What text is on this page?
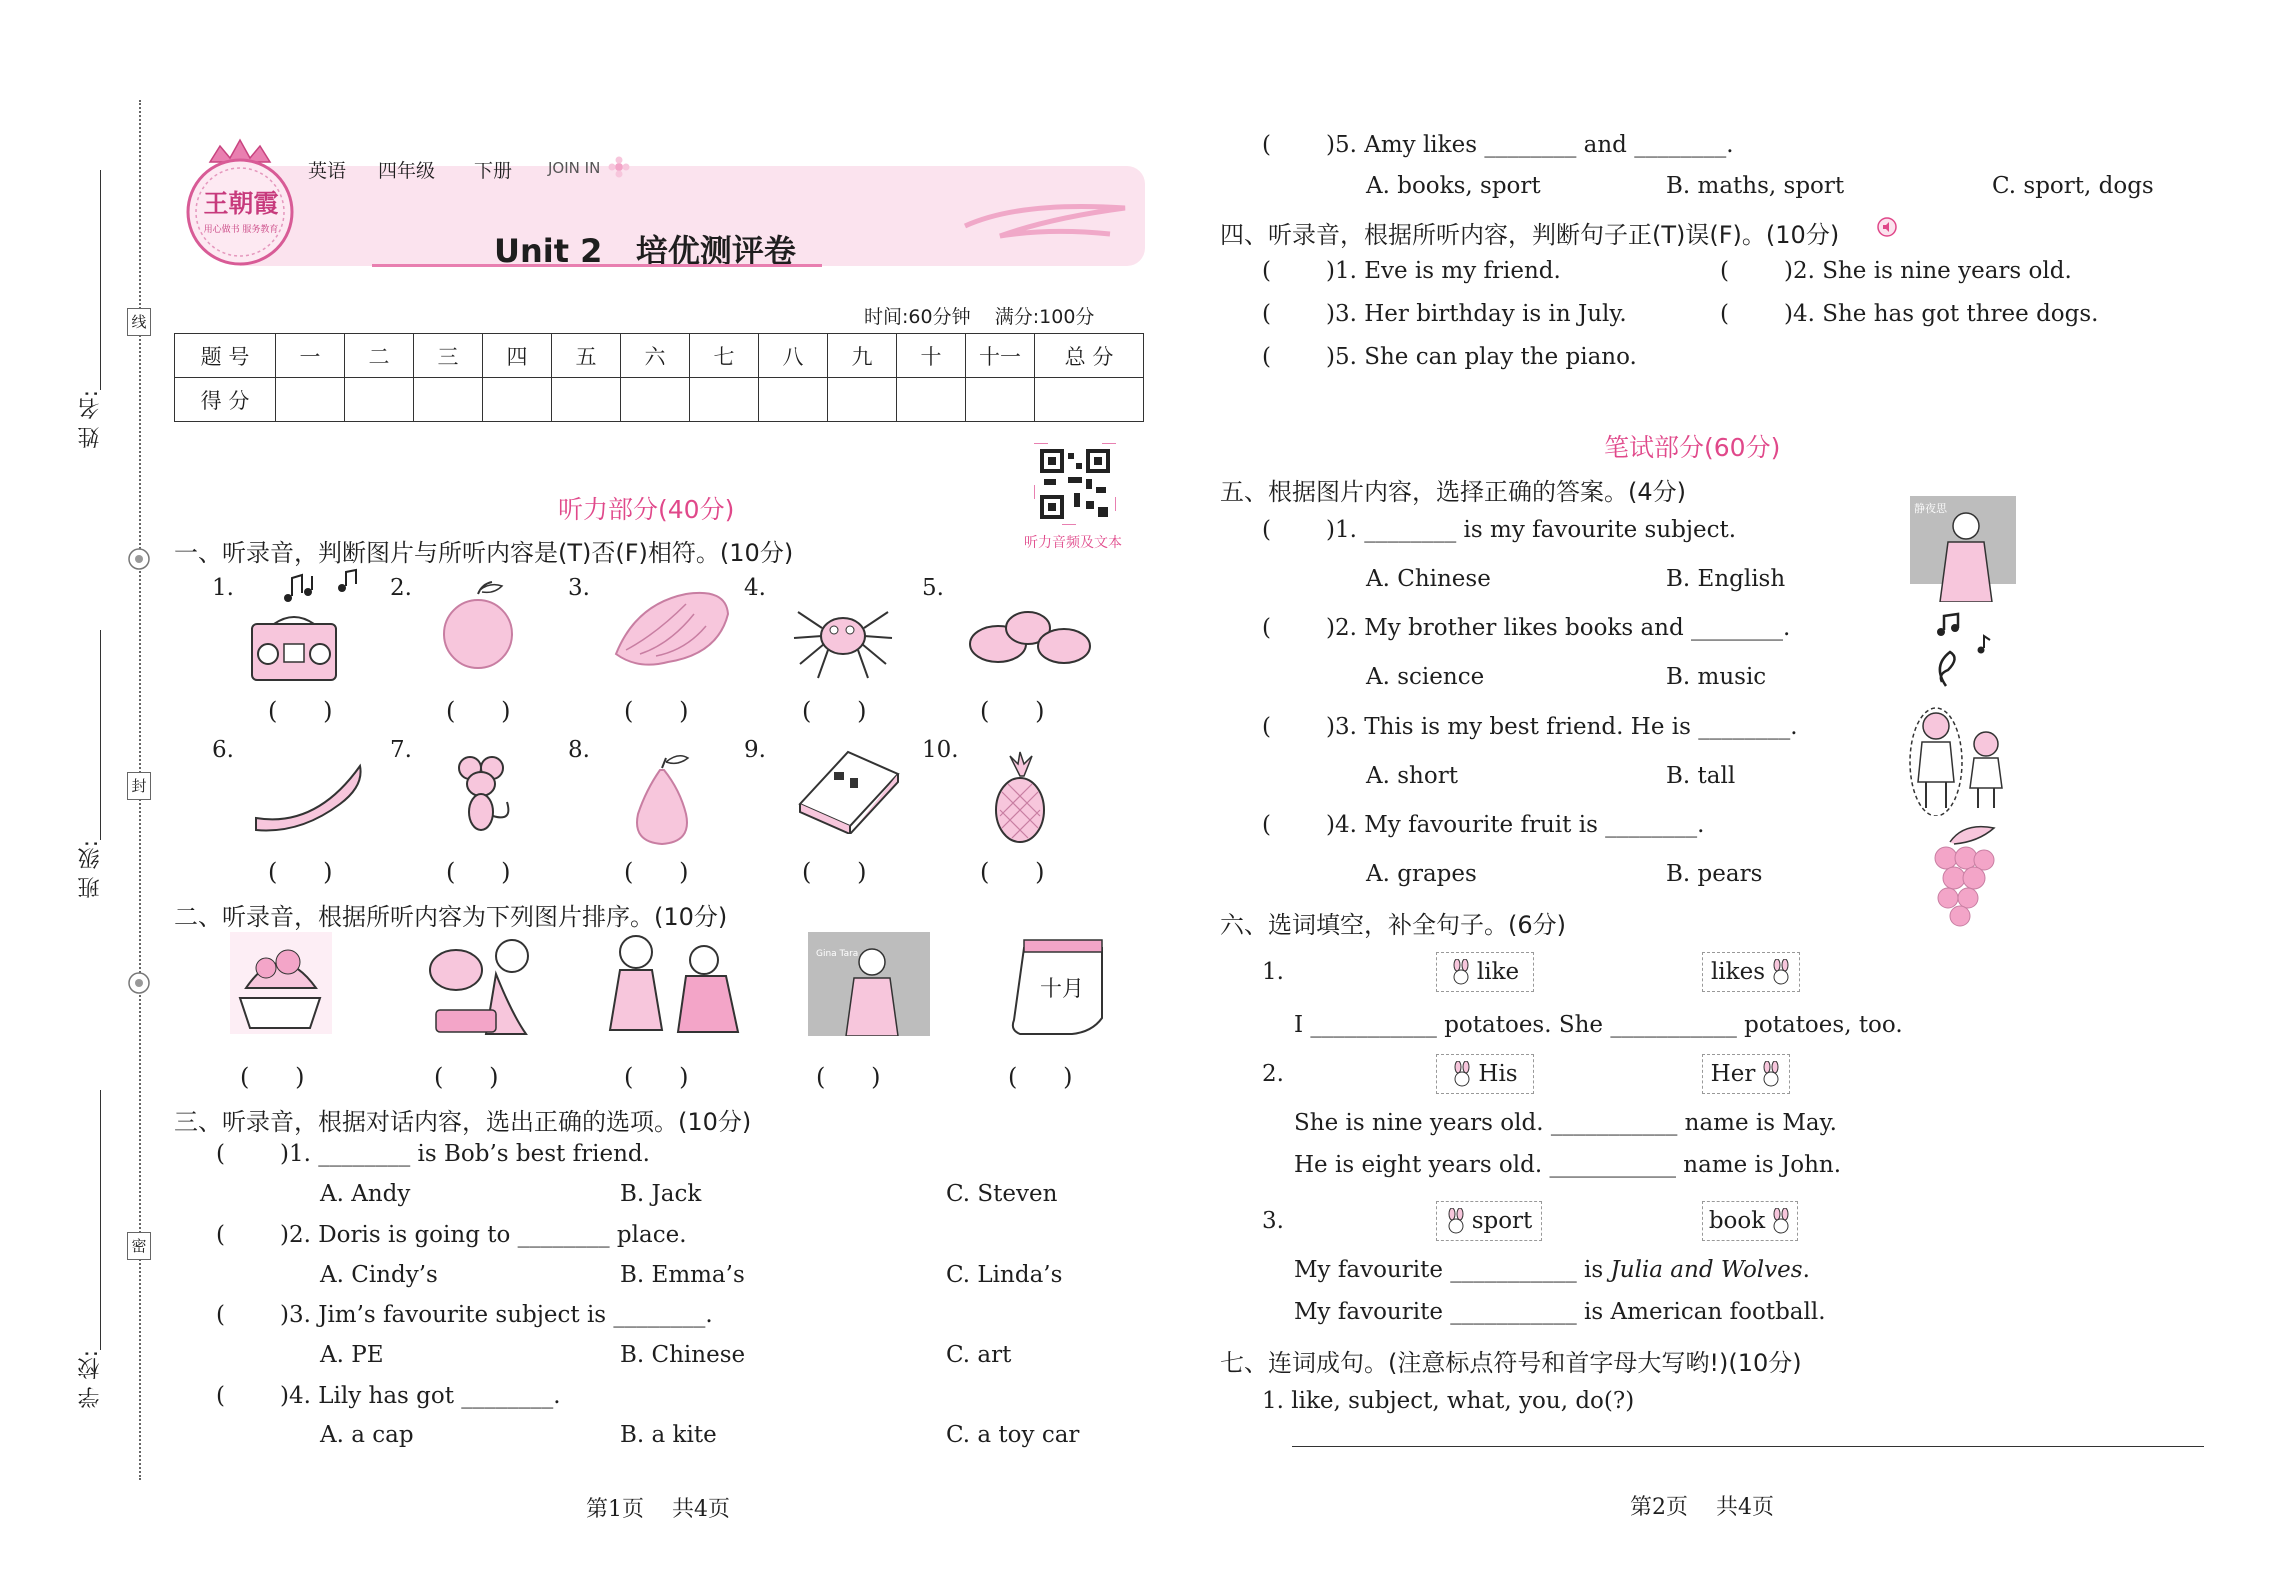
姓 名:
班 级:
学 校:
线
封
密
王朝霞
用心做书 服务教育
英语 四年级 下册 JOIN IN
Unit 2   培优测评卷
时间:60分钟    满分:100分
题 号	一	二	三	四	五	六	七	八	九	十	十一	总 分
得 分												
听力音频及文本
听力部分(40分)
一、听录音，判断图片与所听内容是(T)否(F)相符。(10分)
1.	2.	3.	4.	5.
6.	7.	8.	9.	10.
(      )	(      )	(      )	(      )	(      )
(      )	(      )	(      )	(      )	(      )
二、听录音，根据所听内容为下列图片排序。(10分)
Gina Tara
十月
(      )	(      )	(      )	(      )	(      )
三、听录音，根据对话内容，选出正确的选项。(10分)
( )1. ________ is Bob’s best friend.
A. Andy	B. Jack	C. Steven
( )2. Doris is going to ________ place.
A. Cindy’s	B. Emma’s	C. Linda’s
( )3. Jim’s favourite subject is ________.
A. PE	B. Chinese	C. art
( )4. Lily has got ________.
A. a cap	B. a kite	C. a toy car
( )5. Amy likes ________ and ________.
A. books, sport	B. maths, sport	C. sport, dogs
第1页    共4页
四、听录音，根据所听内容，判断句子正(T)误(F)。(10分)
( )1. Eve is my friend.	( )2. She is nine years old.
( )3. Her birthday is in July.	( )4. She has got three dogs.
( )5. She can play the piano.
笔试部分(60分)
五、根据图片内容，选择正确的答案。(4分)
( )1. ________ is my favourite subject.
A. Chinese	B. English
( )2. My brother likes books and ________.
A. science	B. music
( )3. This is my best friend. He is ________.
A. short	B. tall
( )4. My favourite fruit is ________.
A. grapes	B. pears
静夜思
六、选词填空，补全句子。(6分)
1.	like	likes
I ___________ potatoes. She ___________ potatoes, too.
2.	His	Her
She is nine years old. ___________ name is May.
He is eight years old. ___________ name is John.
3.	sport	book
My favourite ___________ is Julia and Wolves.
My favourite ___________ is American football.
七、连词成句。(注意标点符号和首字母大写哟!)(10分)
1. like, subject, what, you, do(?)
第2页    共4页
